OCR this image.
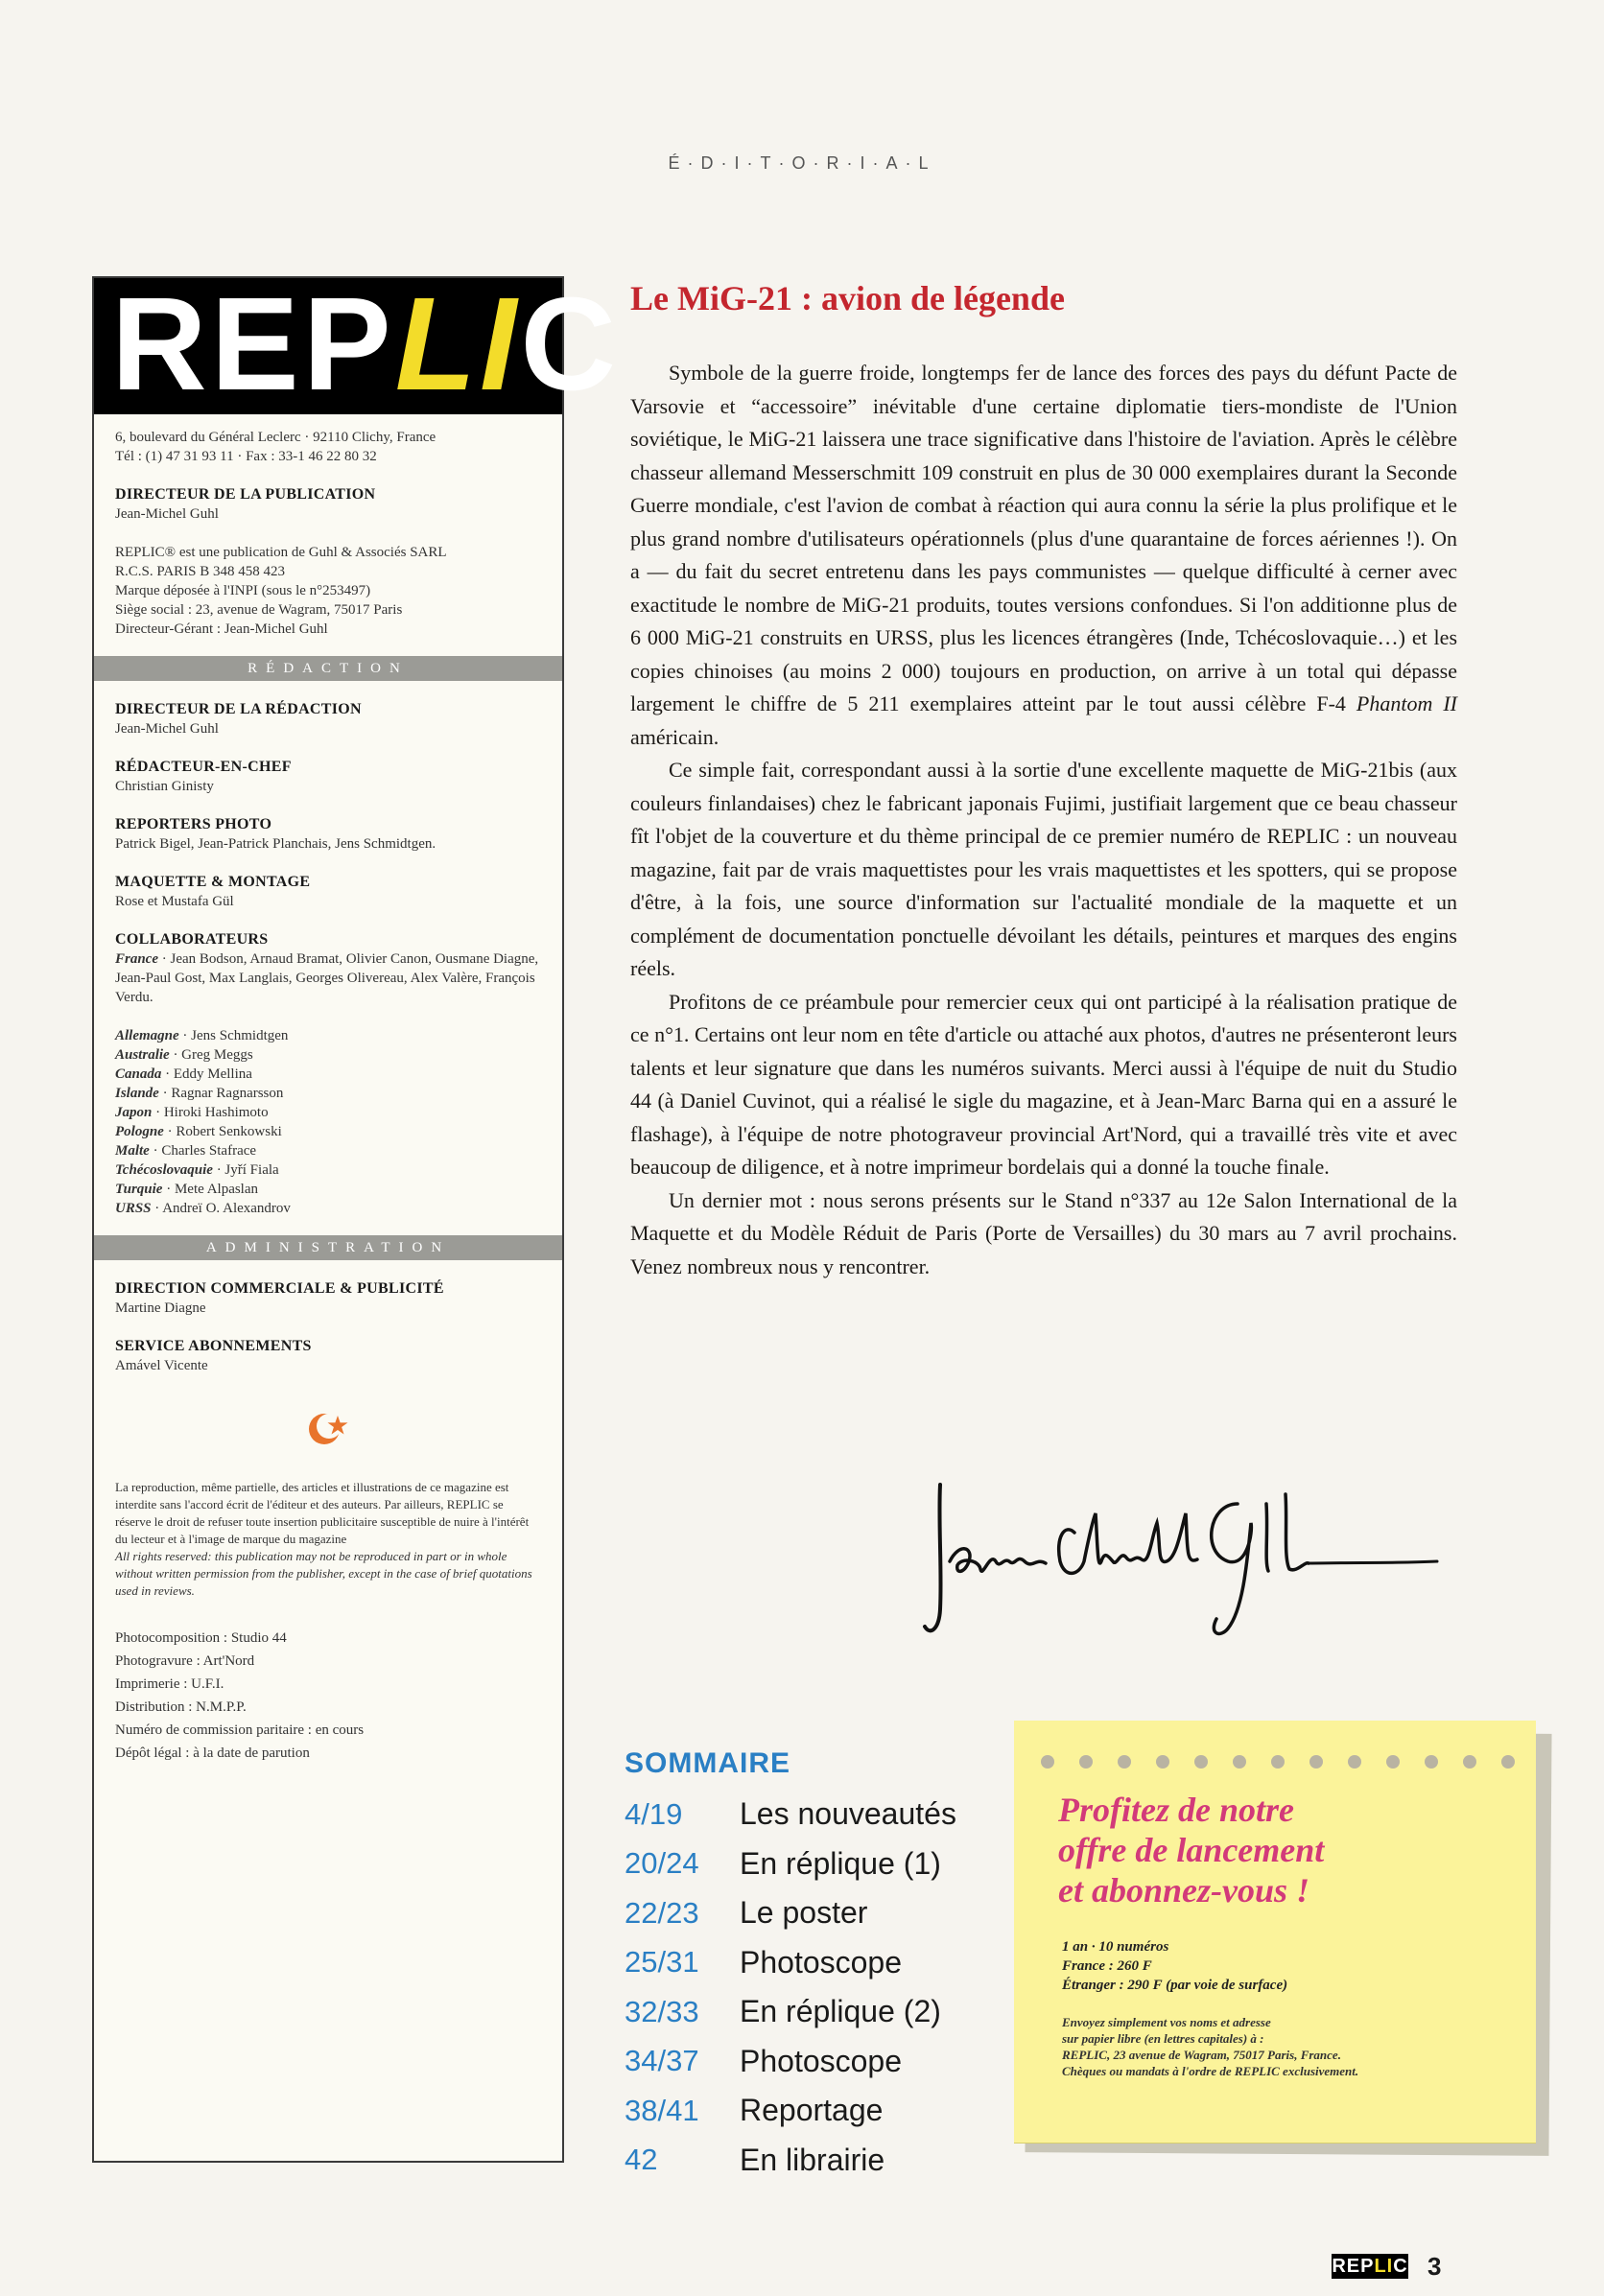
É·D·I·T·O·R·I·A·L
REPLIC
6, boulevard du Général Leclerc · 92110 Clichy, France
Tél : (1) 47 31 93 11 · Fax : 33-1 46 22 80 32
DIRECTEUR DE LA PUBLICATION
Jean-Michel Guhl
REPLIC® est une publication de Guhl & Associés SARL
R.C.S. PARIS B 348 458 423
Marque déposée à l'INPI (sous le n°253497)
Siège social : 23, avenue de Wagram, 75017 Paris
Directeur-Gérant : Jean-Michel Guhl
RÉDACTION
DIRECTEUR DE LA RÉDACTION
Jean-Michel Guhl
RÉDACTEUR-EN-CHEF
Christian Ginisty
REPORTERS PHOTO
Patrick Bigel, Jean-Patrick Planchais, Jens Schmidtgen.
MAQUETTE & MONTAGE
Rose et Mustafa Gül
COLLABORATEURS
France · Jean Bodson, Arnaud Bramat, Olivier Canon, Ousmane Diagne, Jean-Paul Gost, Max Langlais, Georges Olivereau, Alex Valère, François Verdu.
Allemagne · Jens Schmidtgen
Australie · Greg Meggs
Canada · Eddy Mellina
Islande · Ragnar Ragnarsson
Japon · Hiroki Hashimoto
Pologne · Robert Senkowski
Malte · Charles Stafrace
Tchécoslovaquie · Jyří Fiala
Turquie · Mete Alpaslan
URSS · Andreï O. Alexandrov
ADMINISTRATION
DIRECTION COMMERCIALE & PUBLICITÉ
Martine Diagne
SERVICE ABONNEMENTS
Amável Vicente
La reproduction, même partielle, des articles et illustrations de ce magazine est interdite sans l'accord écrit de l'éditeur et des auteurs. Par ailleurs, REPLIC se réserve le droit de refuser toute insertion publicitaire susceptible de nuire à l'intérêt du lecteur et à l'image de marque du magazine
All rights reserved: this publication may not be reproduced in part or in whole without written permission from the publisher, except in the case of brief quotations used in reviews.
Photocomposition : Studio 44
Photogravure : Art'Nord
Imprimerie : U.F.I.
Distribution : N.M.P.P.
Numéro de commission paritaire : en cours
Dépôt légal : à la date de parution
Le MiG-21 : avion de légende

Symbole de la guerre froide, longtemps fer de lance des forces des pays du défunt Pacte de Varsovie et “accessoire” inévitable d'une certaine diplomatie tiers-mondiste de l'Union soviétique, le MiG-21 laissera une trace significative dans l'histoire de l'aviation. Après le célèbre chasseur allemand Messerschmitt 109 construit en plus de 30 000 exemplaires durant la Seconde Guerre mondiale, c'est l'avion de combat à réaction qui aura connu la série la plus prolifique et le plus grand nombre d'utilisateurs opérationnels (plus d'une quarantaine de forces aériennes !). On a — du fait du secret entretenu dans les pays communistes — quelque difficulté à cerner avec exactitude le nombre de MiG-21 produits, toutes versions confondues. Si l'on additionne plus de 6 000 MiG-21 construits en URSS, plus les licences étrangères (Inde, Tchécoslovaquie…) et les copies chinoises (au moins 2 000) toujours en production, on arrive à un total qui dépasse largement le chiffre de 5 211 exemplaires atteint par le tout aussi célèbre F-4 Phantom II américain.

Ce simple fait, correspondant aussi à la sortie d'une excellente maquette de MiG-21bis (aux couleurs finlandaises) chez le fabricant japonais Fujimi, justifiait largement que ce beau chasseur fît l'objet de la couverture et du thème principal de ce premier numéro de REPLIC : un nouveau magazine, fait par de vrais maquettistes pour les vrais maquettistes et les spotters, qui se propose d'être, à la fois, une source d'information sur l'actualité mondiale de la maquette et un complément de documentation ponctuelle dévoilant les détails, peintures et marques des engins réels.

Profitons de ce préambule pour remercier ceux qui ont participé à la réalisation pratique de ce n°1. Certains ont leur nom en tête d'article ou attaché aux photos, d'autres ne présenteront leurs talents et leur signature que dans les numéros suivants. Merci aussi à l'équipe de nuit du Studio 44 (à Daniel Cuvinot, qui a réalisé le sigle du magazine, et à Jean-Marc Barna qui en a assuré le flashage), à l'équipe de notre photograveur provincial Art'Nord, qui a travaillé très vite et avec beaucoup de diligence, et à notre imprimeur bordelais qui a donné la touche finale.

Un dernier mot : nous serons présents sur le Stand n°337 au 12e Salon International de la Maquette et du Modèle Réduit de Paris (Porte de Versailles) du 30 mars au 7 avril prochains. Venez nombreux nous y rencontrer.

SOMMAIRE
4/19	Les nouveautés
20/24	En réplique (1)
22/23	Le poster
25/31	Photoscope
32/33	En réplique (2)
34/37	Photoscope
38/41	Reportage
42	En librairie
Profitez de notre
offre de lancement
et abonnez-vous !
1 an · 10 numéros
France : 260 F
Étranger : 290 F (par voie de surface)
Envoyez simplement vos noms et adresse
sur papier libre (en lettres capitales) à :
REPLIC, 23 avenue de Wagram, 75017 Paris, France.
Chèques ou mandats à l'ordre de REPLIC exclusivement.
REPLIC 3
